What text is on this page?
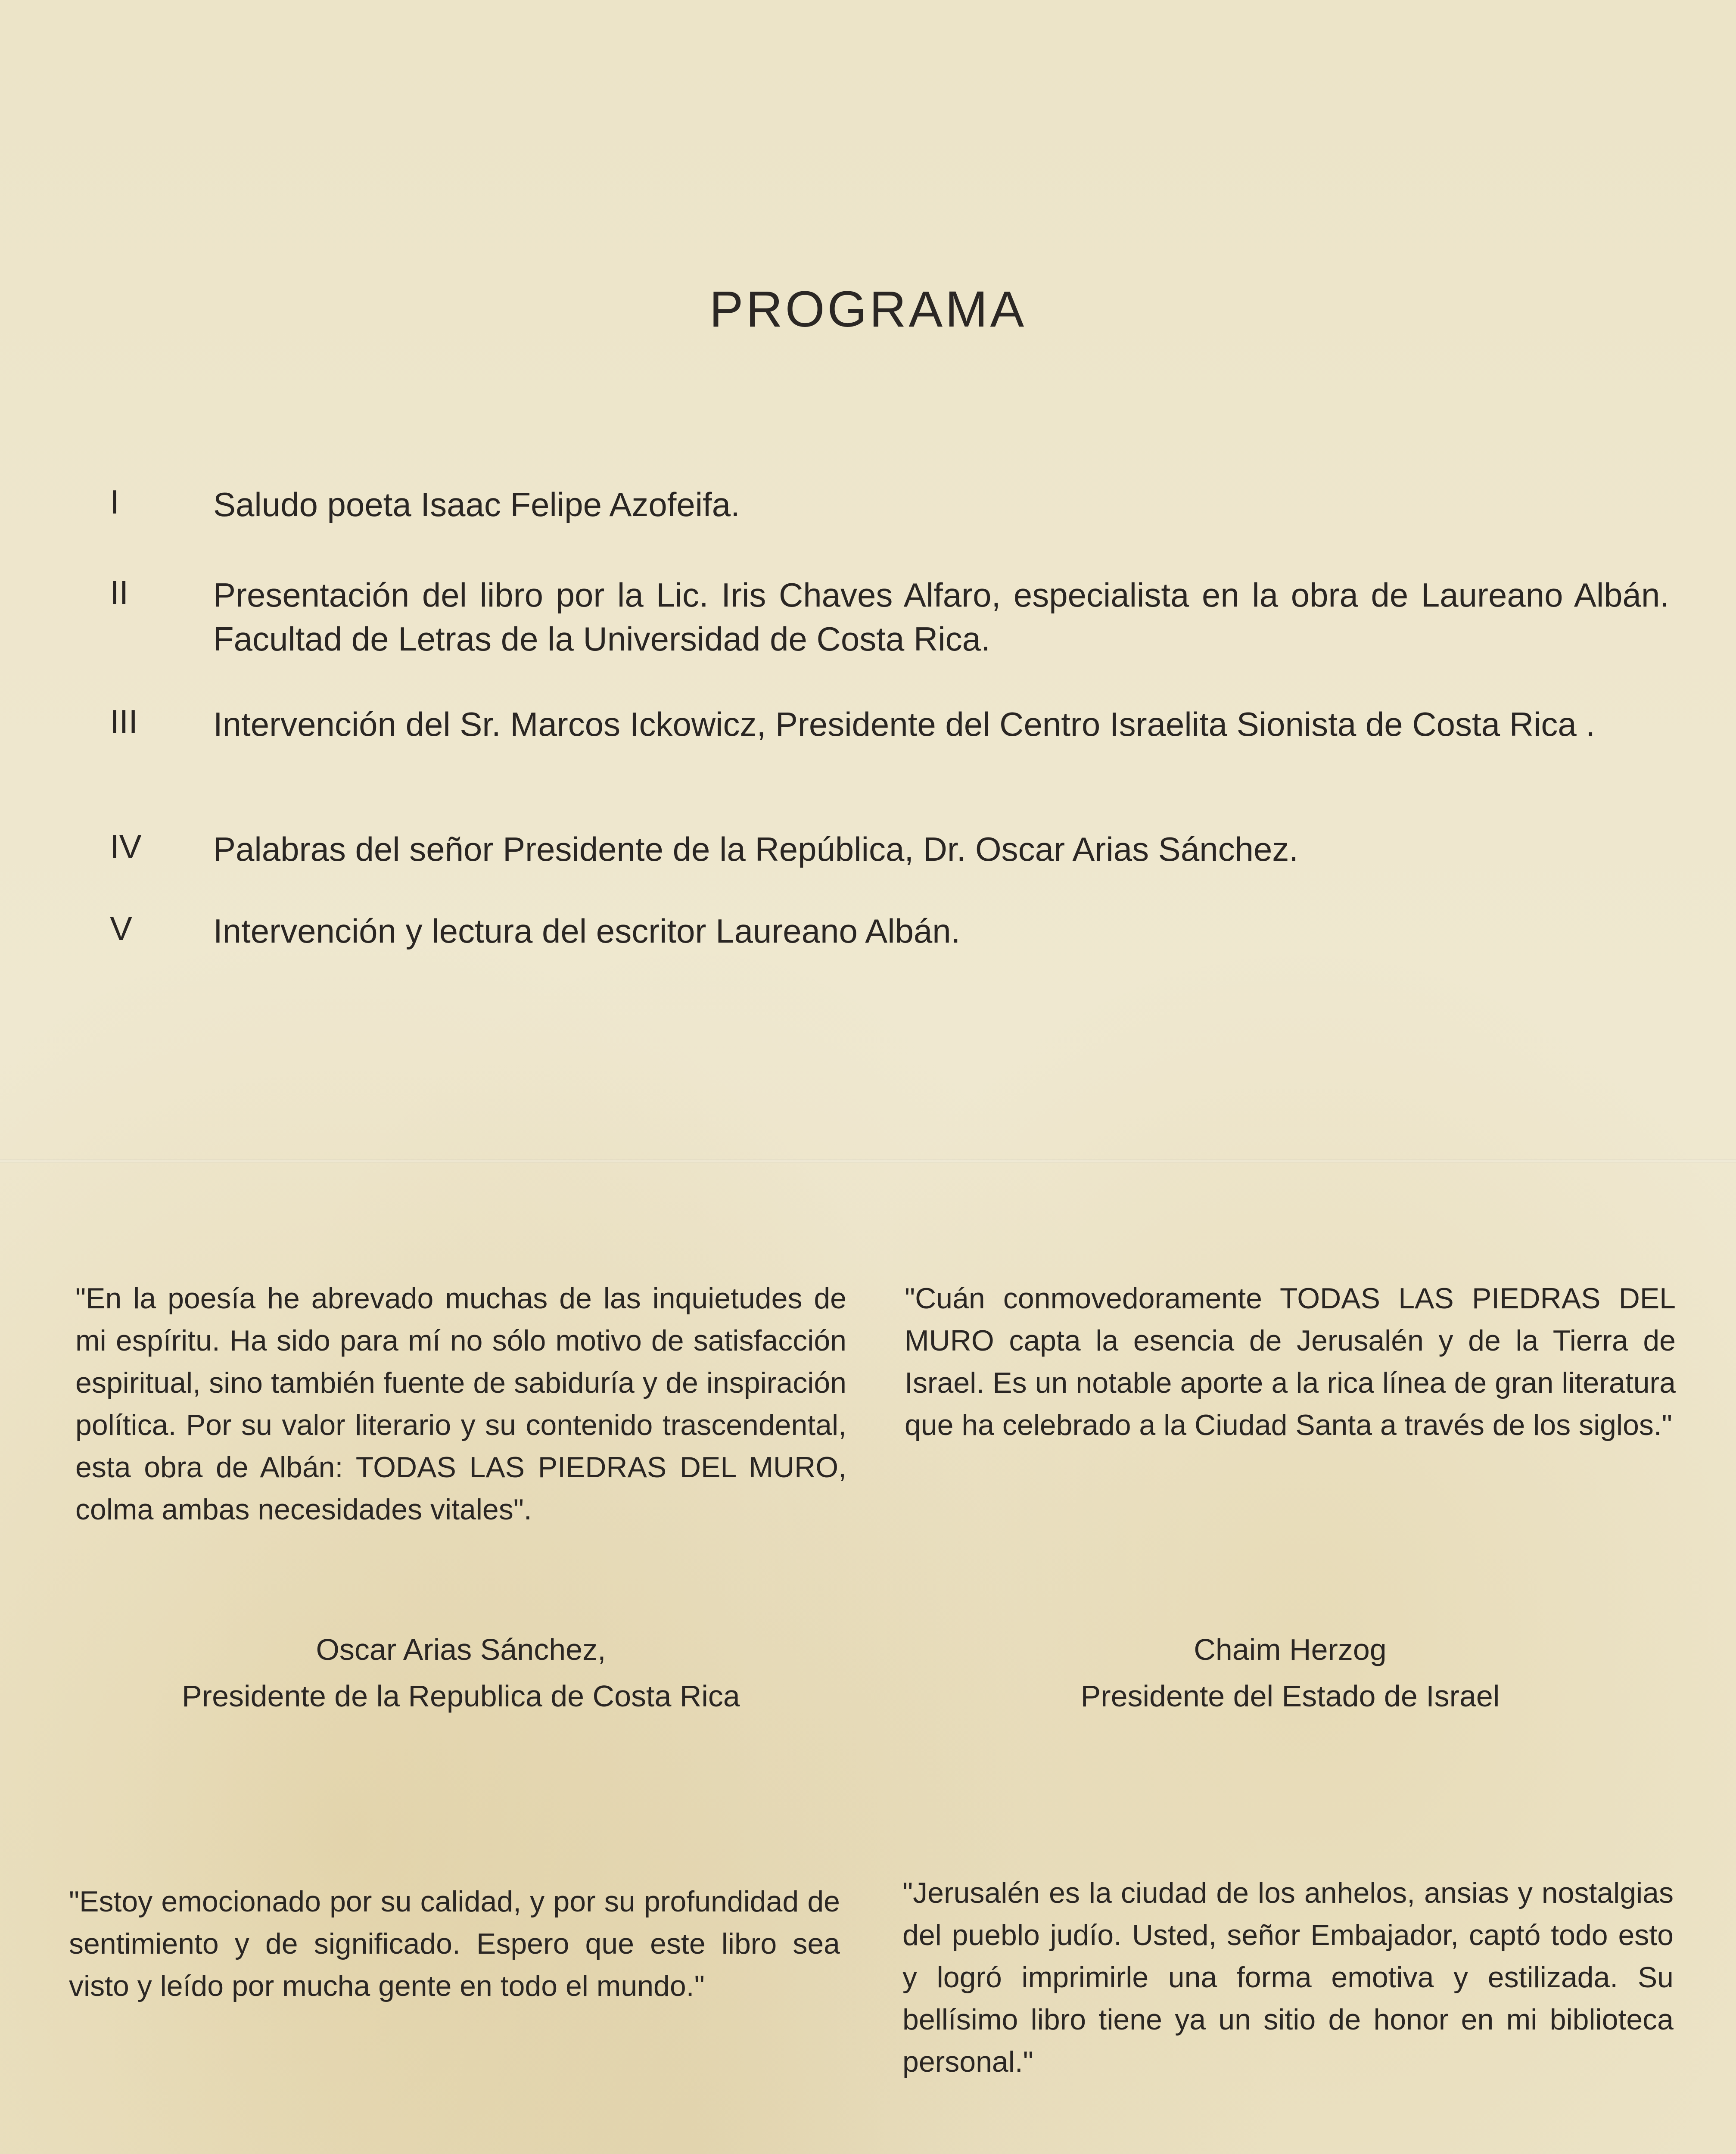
PROGRAMA
I	Saludo poeta Isaac Felipe Azofeifa.
II	Presentación del libro por la Lic. Iris Chaves Alfaro, especialista en la obra de Laureano Albán. Facultad de Letras de la Universidad de Costa Rica.
III	Intervención del Sr. Marcos Ickowicz, Presidente del Centro Israelita Sionista de Costa Rica .
IV	Palabras del señor Presidente de la República, Dr. Oscar Arias Sánchez.
V	Intervención y lectura del escritor Laureano Albán.

"En la poesía he abrevado muchas de las inquietudes de mi espíritu. Ha sido para mí no sólo motivo de satisfacción espiritual, sino también fuente de sabiduría y de inspiración política. Por su valor literario y su contenido trascendental, esta obra de Albán: TODAS LAS PIEDRAS DEL MURO, colma ambas necesidades vitales".

Oscar Arias Sánchez,
Presidente de la Republica de Costa Rica

"Cuán conmovedoramente TODAS LAS PIEDRAS DEL MURO capta la esencia de Jerusalén y de la Tierra de Israel. Es un notable aporte a la rica línea de gran literatura que ha celebrado a la Ciudad Santa a través de los siglos."

Chaim Herzog
Presidente del Estado de Israel

"Estoy emocionado por su calidad, y por su profundidad de sentimiento y de significado. Espero que este libro sea visto y leído por mucha gente en todo el mundo."

"Jerusalén es la ciudad de los anhelos, ansias y nostalgias del pueblo judío. Usted, señor Embajador, captó todo esto y logró imprimirle una forma emotiva y estilizada. Su bellísimo libro tiene ya un sitio de honor en mi biblioteca personal."
